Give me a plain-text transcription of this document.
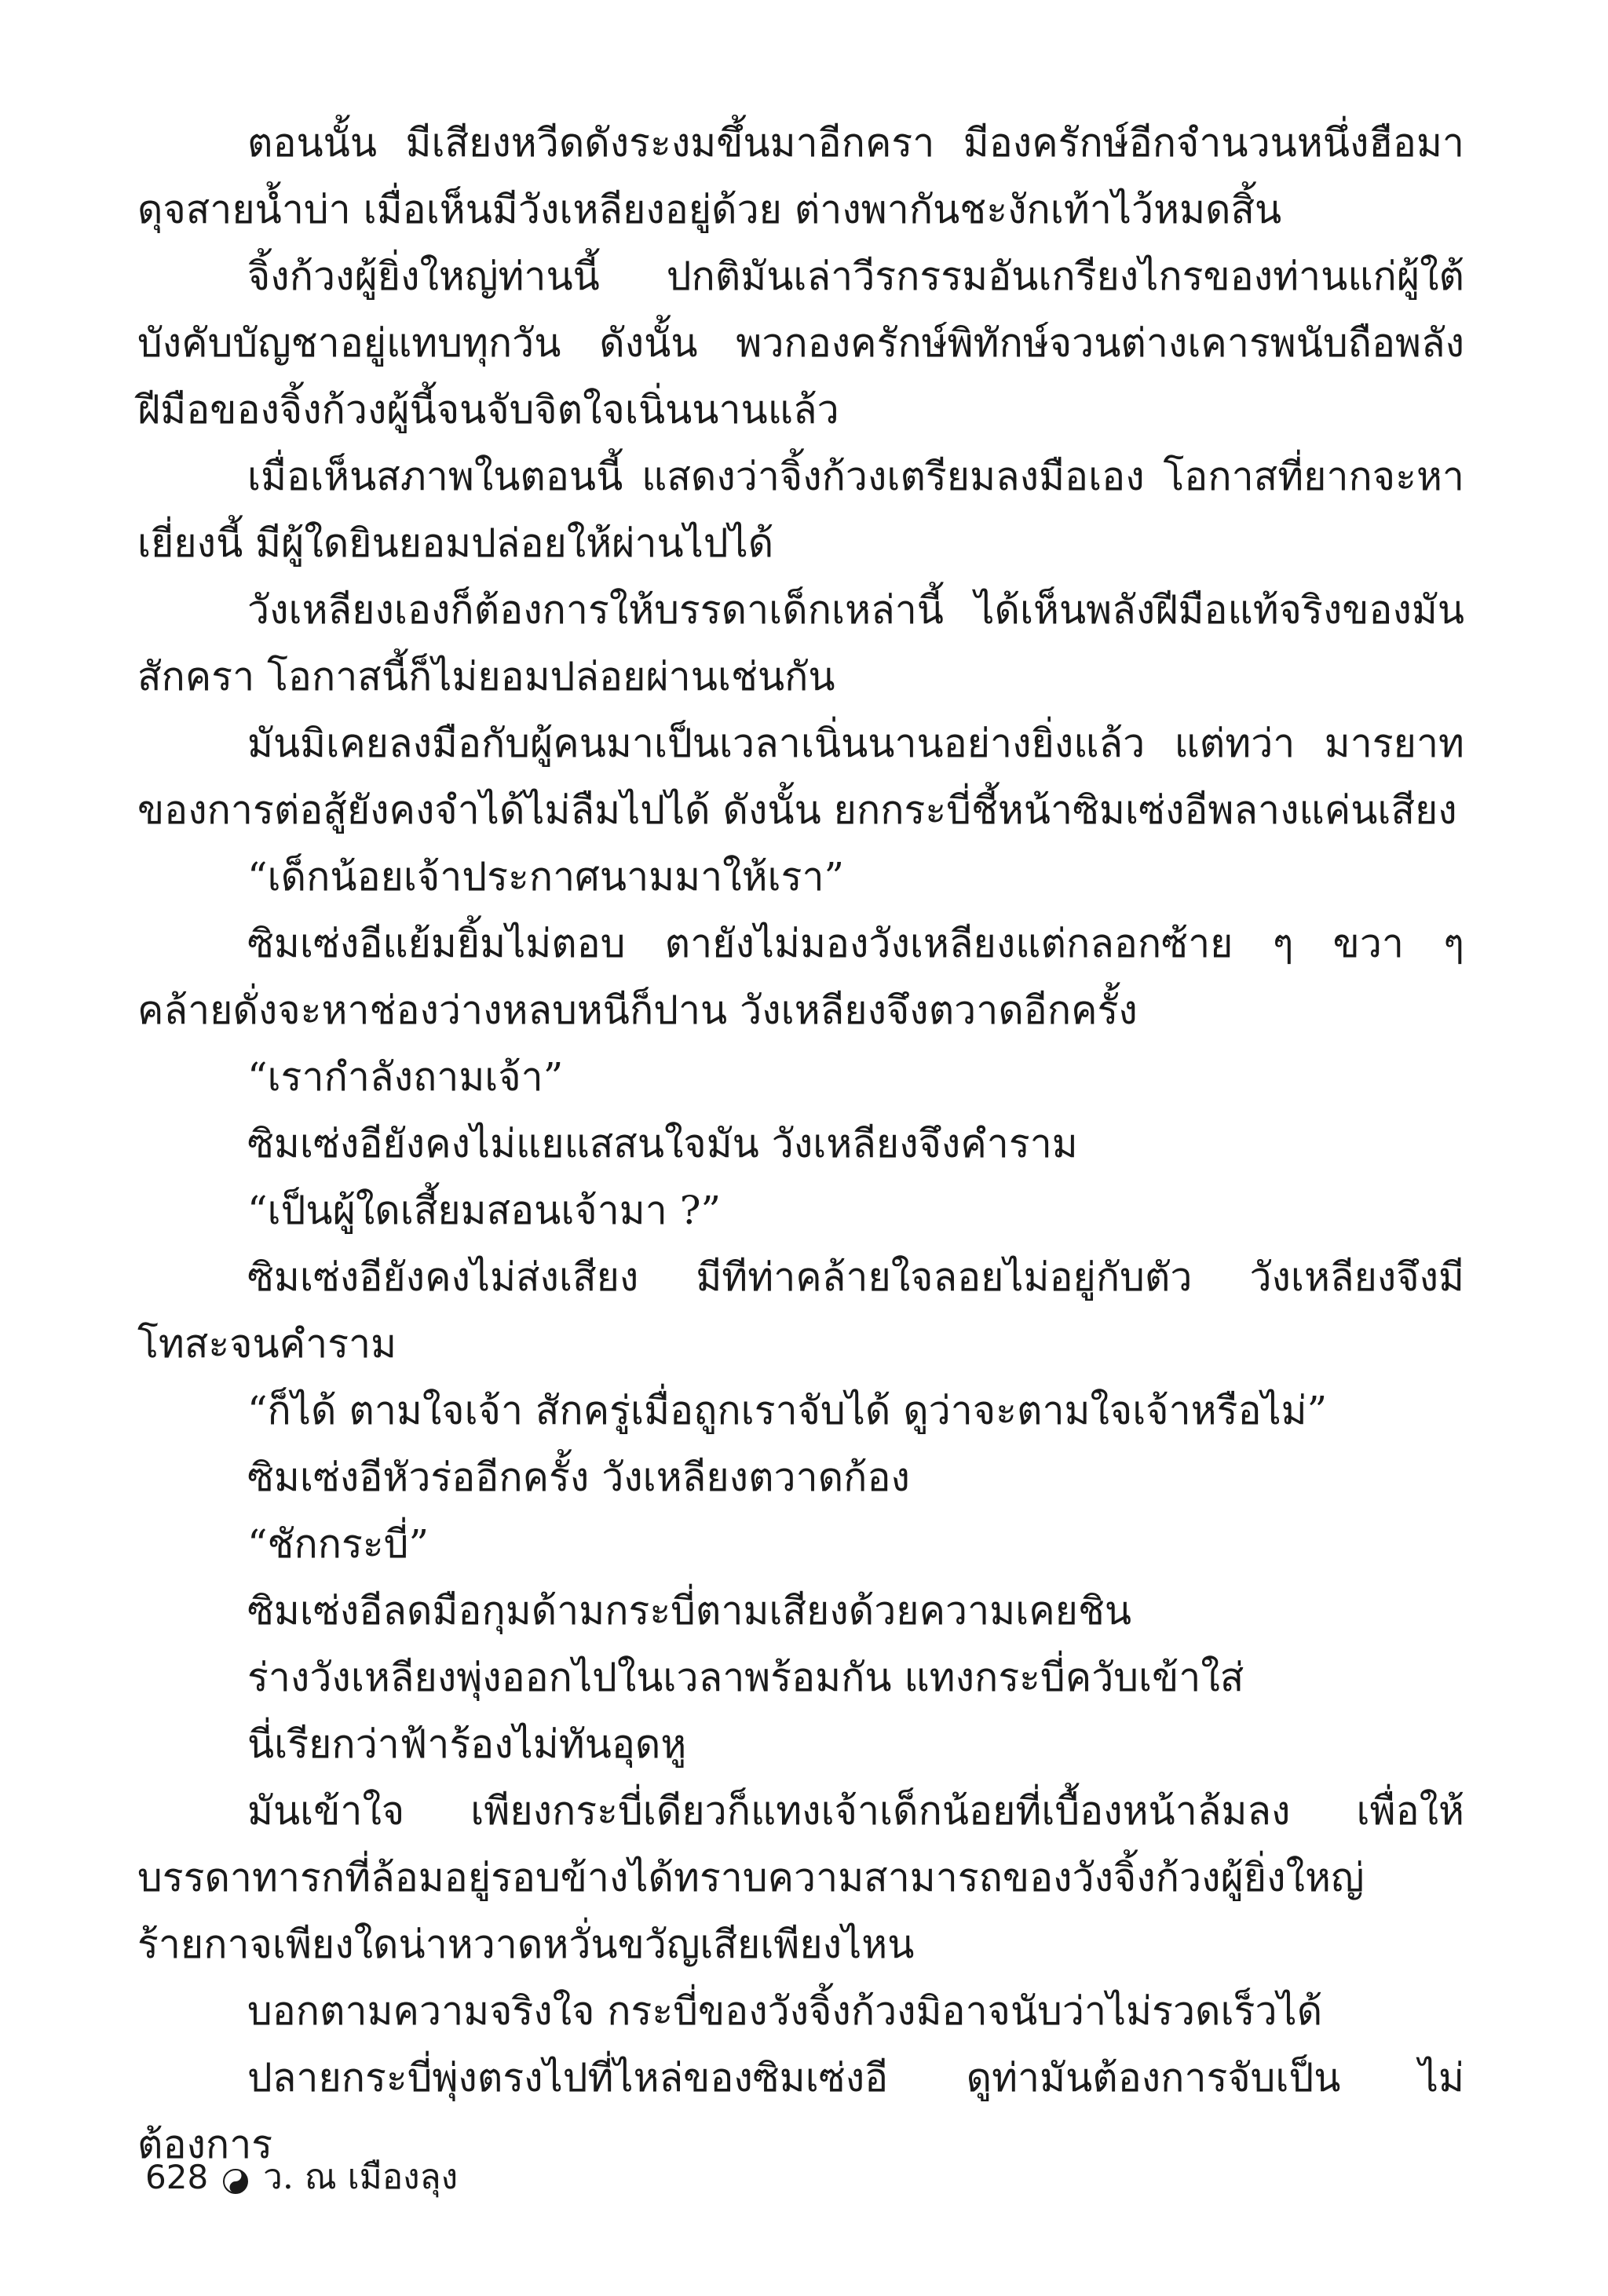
ตอนนั้น มีเสียงหวีดดังระงมขึ้นมาอีกครา มีองครักษ์อีกจำนวนหนึ่งฮือมาดุจสายน้ำบ่า เมื่อเห็นมีวังเหลียงอยู่ด้วย ต่างพากันชะงักเท้าไว้หมดสิ้น

จิ้งก้วงผู้ยิ่งใหญ่ท่านนี้ ปกติมันเล่าวีรกรรมอันเกรียงไกรของท่านแก่ผู้ใต้บังคับบัญชาอยู่แทบทุกวัน ดังนั้น พวกองครักษ์พิทักษ์จวนต่างเคารพนับถือพลังฝีมือของจิ้งก้วงผู้นี้จนจับจิตใจเนิ่นนานแล้ว

เมื่อเห็นสภาพในตอนนี้ แสดงว่าจิ้งก้วงเตรียมลงมือเอง โอกาสที่ยากจะหาเยี่ยงนี้ มีผู้ใดยินยอมปล่อยให้ผ่านไปได้

วังเหลียงเองก็ต้องการให้บรรดาเด็กเหล่านี้ ได้เห็นพลังฝีมือแท้จริงของมันสักครา โอกาสนี้ก็ไม่ยอมปล่อยผ่านเช่นกัน

มันมิเคยลงมือกับผู้คนมาเป็นเวลาเนิ่นนานอย่างยิ่งแล้ว แต่ทว่า มารยาทของการต่อสู้ยังคงจำได้ไม่ลืมไปได้ ดังนั้น ยกกระบี่ชี้หน้าซิมเซ่งอีพลางแค่นเสียง

“เด็กน้อยเจ้าประกาศนามมาให้เรา”

ซิมเซ่งอีแย้มยิ้มไม่ตอบ ตายังไม่มองวังเหลียงแต่กลอกซ้าย ๆ ขวา ๆ คล้ายดั่งจะหาช่องว่างหลบหนีก็ปาน วังเหลียงจึงตวาดอีกครั้ง

“เรากำลังถามเจ้า”

ซิมเซ่งอียังคงไม่แยแสสนใจมัน วังเหลียงจึงคำราม

“เป็นผู้ใดเสี้ยมสอนเจ้ามา ?”

ซิมเซ่งอียังคงไม่ส่งเสียง มีทีท่าคล้ายใจลอยไม่อยู่กับตัว วังเหลียงจึงมีโทสะจนคำราม

“ก็ได้ ตามใจเจ้า สักครู่เมื่อถูกเราจับได้ ดูว่าจะตามใจเจ้าหรือไม่”

ซิมเซ่งอีหัวร่ออีกครั้ง วังเหลียงตวาดก้อง

“ชักกระบี่”

ซิมเซ่งอีลดมือกุมด้ามกระบี่ตามเสียงด้วยความเคยชิน

ร่างวังเหลียงพุ่งออกไปในเวลาพร้อมกัน แทงกระบี่ควับเข้าใส่

นี่เรียกว่าฟ้าร้องไม่ทันอุดหู

มันเข้าใจ เพียงกระบี่เดียวก็แทงเจ้าเด็กน้อยที่เบื้องหน้าล้มลง เพื่อให้บรรดาทารกที่ล้อมอยู่รอบข้างได้ทราบความสามารถของวังจิ้งก้วงผู้ยิ่งใหญ่ร้ายกาจเพียงใดน่าหวาดหวั่นขวัญเสียเพียงไหน

บอกตามความจริงใจ กระบี่ของวังจิ้งก้วงมิอาจนับว่าไม่รวดเร็วได้

ปลายกระบี่พุ่งตรงไปที่ไหล่ของซิมเซ่งอี ดูท่ามันต้องการจับเป็น ไม่ต้องการ

628 ว. ณ เมืองลุง
